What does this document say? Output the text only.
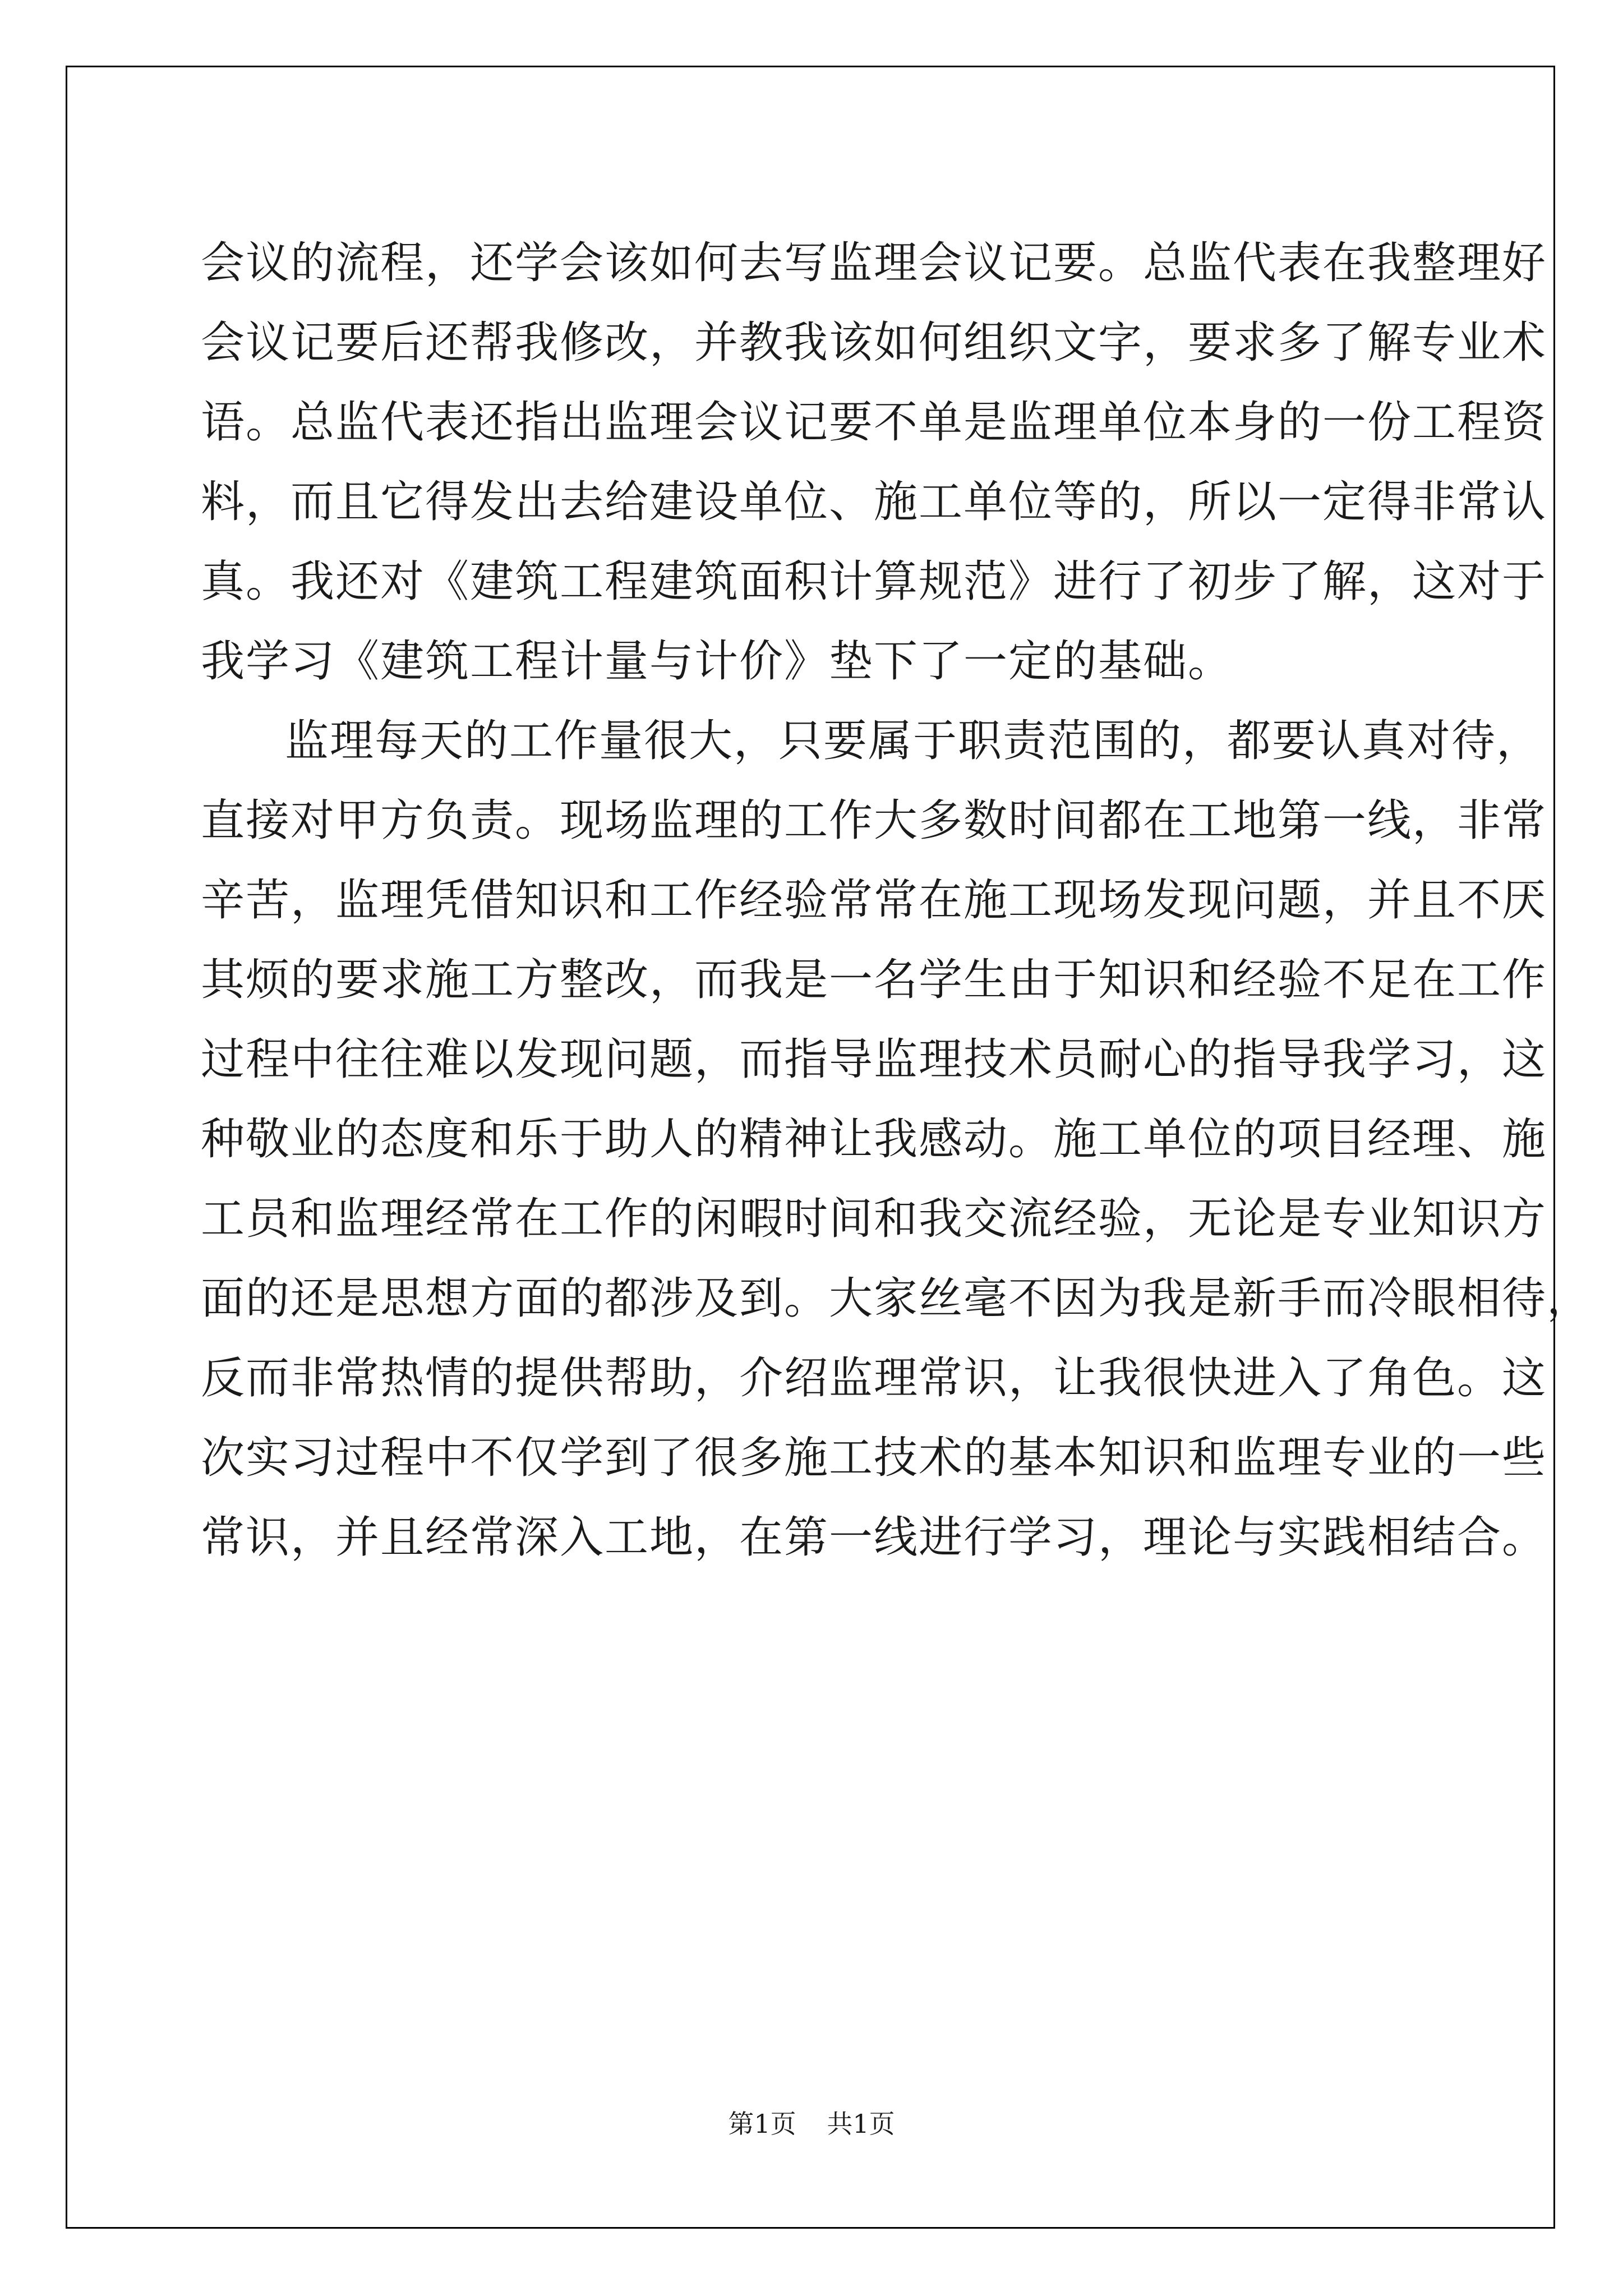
会议的流程，还学会该如何去写监理会议记要。总监代表在我整理好
会议记要后还帮我修改，并教我该如何组织文字，要求多了解专业术
语。总监代表还指出监理会议记要不单是监理单位本身的一份工程资
料，而且它得发出去给建设单位、施工单位等的，所以一定得非常认
真。我还对《建筑工程建筑面积计算规范》进行了初步了解，这对于
我学习《建筑工程计量与计价》垫下了一定的基础。
监理每天的工作量很大，只要属于职责范围的，都要认真对待，
直接对甲方负责。现场监理的工作大多数时间都在工地第一线，非常
辛苦，监理凭借知识和工作经验常常在施工现场发现问题，并且不厌
其烦的要求施工方整改，而我是一名学生由于知识和经验不足在工作
过程中往往难以发现问题，而指导监理技术员耐心的指导我学习，这
种敬业的态度和乐于助人的精神让我感动。施工单位的项目经理、施
工员和监理经常在工作的闲暇时间和我交流经验，无论是专业知识方
面的还是思想方面的都涉及到。大家丝毫不因为我是新手而冷眼相待，
反而非常热情的提供帮助，介绍监理常识，让我很快进入了角色。这
次实习过程中不仅学到了很多施工技术的基本知识和监理专业的一些
常识，并且经常深入工地，在第一线进行学习，理论与实践相结合。
第1页 共1页
